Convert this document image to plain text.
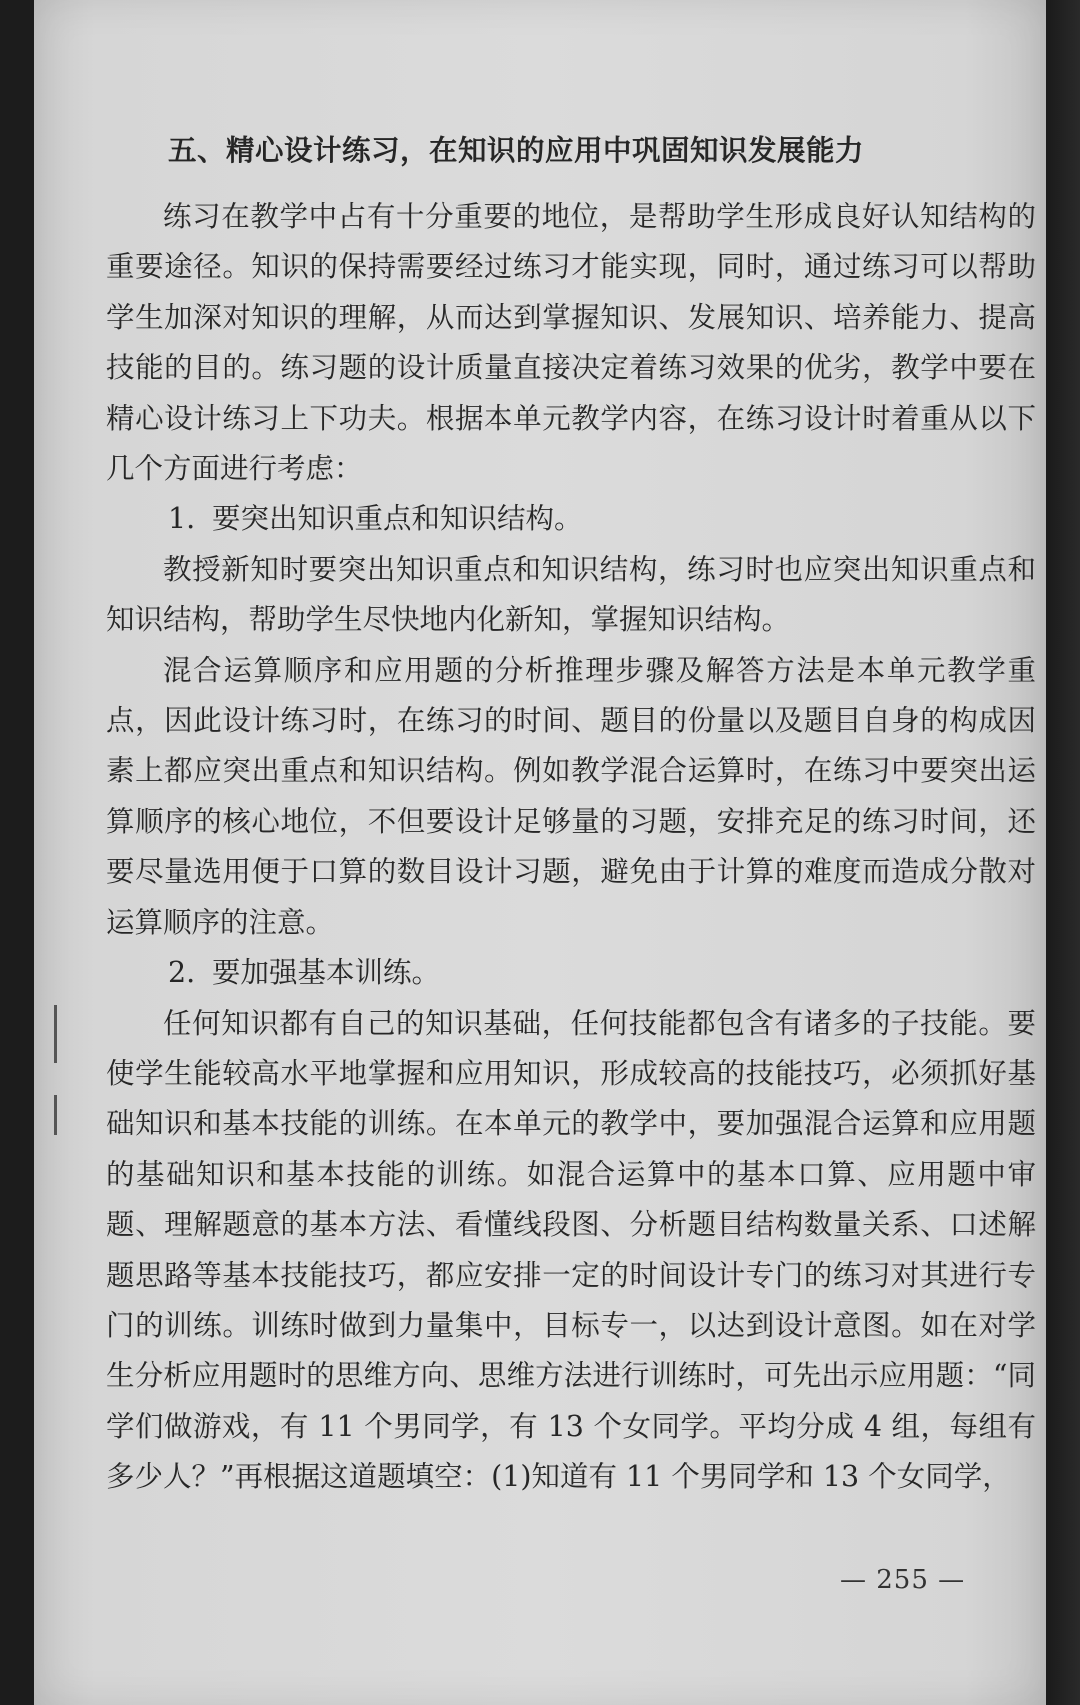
五、精心设计练习，在知识的应用中巩固知识发展能力

练习在教学中占有十分重要的地位，是帮助学生形成良好认知结构的重要途径。知识的保持需要经过练习才能实现，同时，通过练习可以帮助学生加深对知识的理解，从而达到掌握知识、发展知识、培养能力、提高技能的目的。练习题的设计质量直接决定着练习效果的优劣，教学中要在精心设计练习上下功夫。根据本单元教学内容，在练习设计时着重从以下几个方面进行考虑：

1. 要突出知识重点和知识结构。

教授新知时要突出知识重点和知识结构，练习时也应突出知识重点和知识结构，帮助学生尽快地内化新知，掌握知识结构。

混合运算顺序和应用题的分析推理步骤及解答方法是本单元教学重点，因此设计练习时，在练习的时间、题目的份量以及题目自身的构成因素上都应突出重点和知识结构。例如教学混合运算时，在练习中要突出运算顺序的核心地位，不但要设计足够量的习题，安排充足的练习时间，还要尽量选用便于口算的数目设计习题，避免由于计算的难度而造成分散对运算顺序的注意。

2. 要加强基本训练。

任何知识都有自己的知识基础，任何技能都包含有诸多的子技能。要使学生能较高水平地掌握和应用知识，形成较高的技能技巧，必须抓好基础知识和基本技能的训练。在本单元的教学中，要加强混合运算和应用题的基础知识和基本技能的训练。如混合运算中的基本口算、应用题中审题、理解题意的基本方法、看懂线段图、分析题目结构数量关系、口述解题思路等基本技能技巧，都应安排一定的时间设计专门的练习对其进行专门的训练。训练时做到力量集中，目标专一，以达到设计意图。如在对学生分析应用题时的思维方向、思维方法进行训练时，可先出示应用题：“同学们做游戏，有 11 个男同学，有 13 个女同学。平均分成 4 组，每组有多少人？”再根据这道题填空：(1)知道有 11 个男同学和 13 个女同学，

— 255 —
